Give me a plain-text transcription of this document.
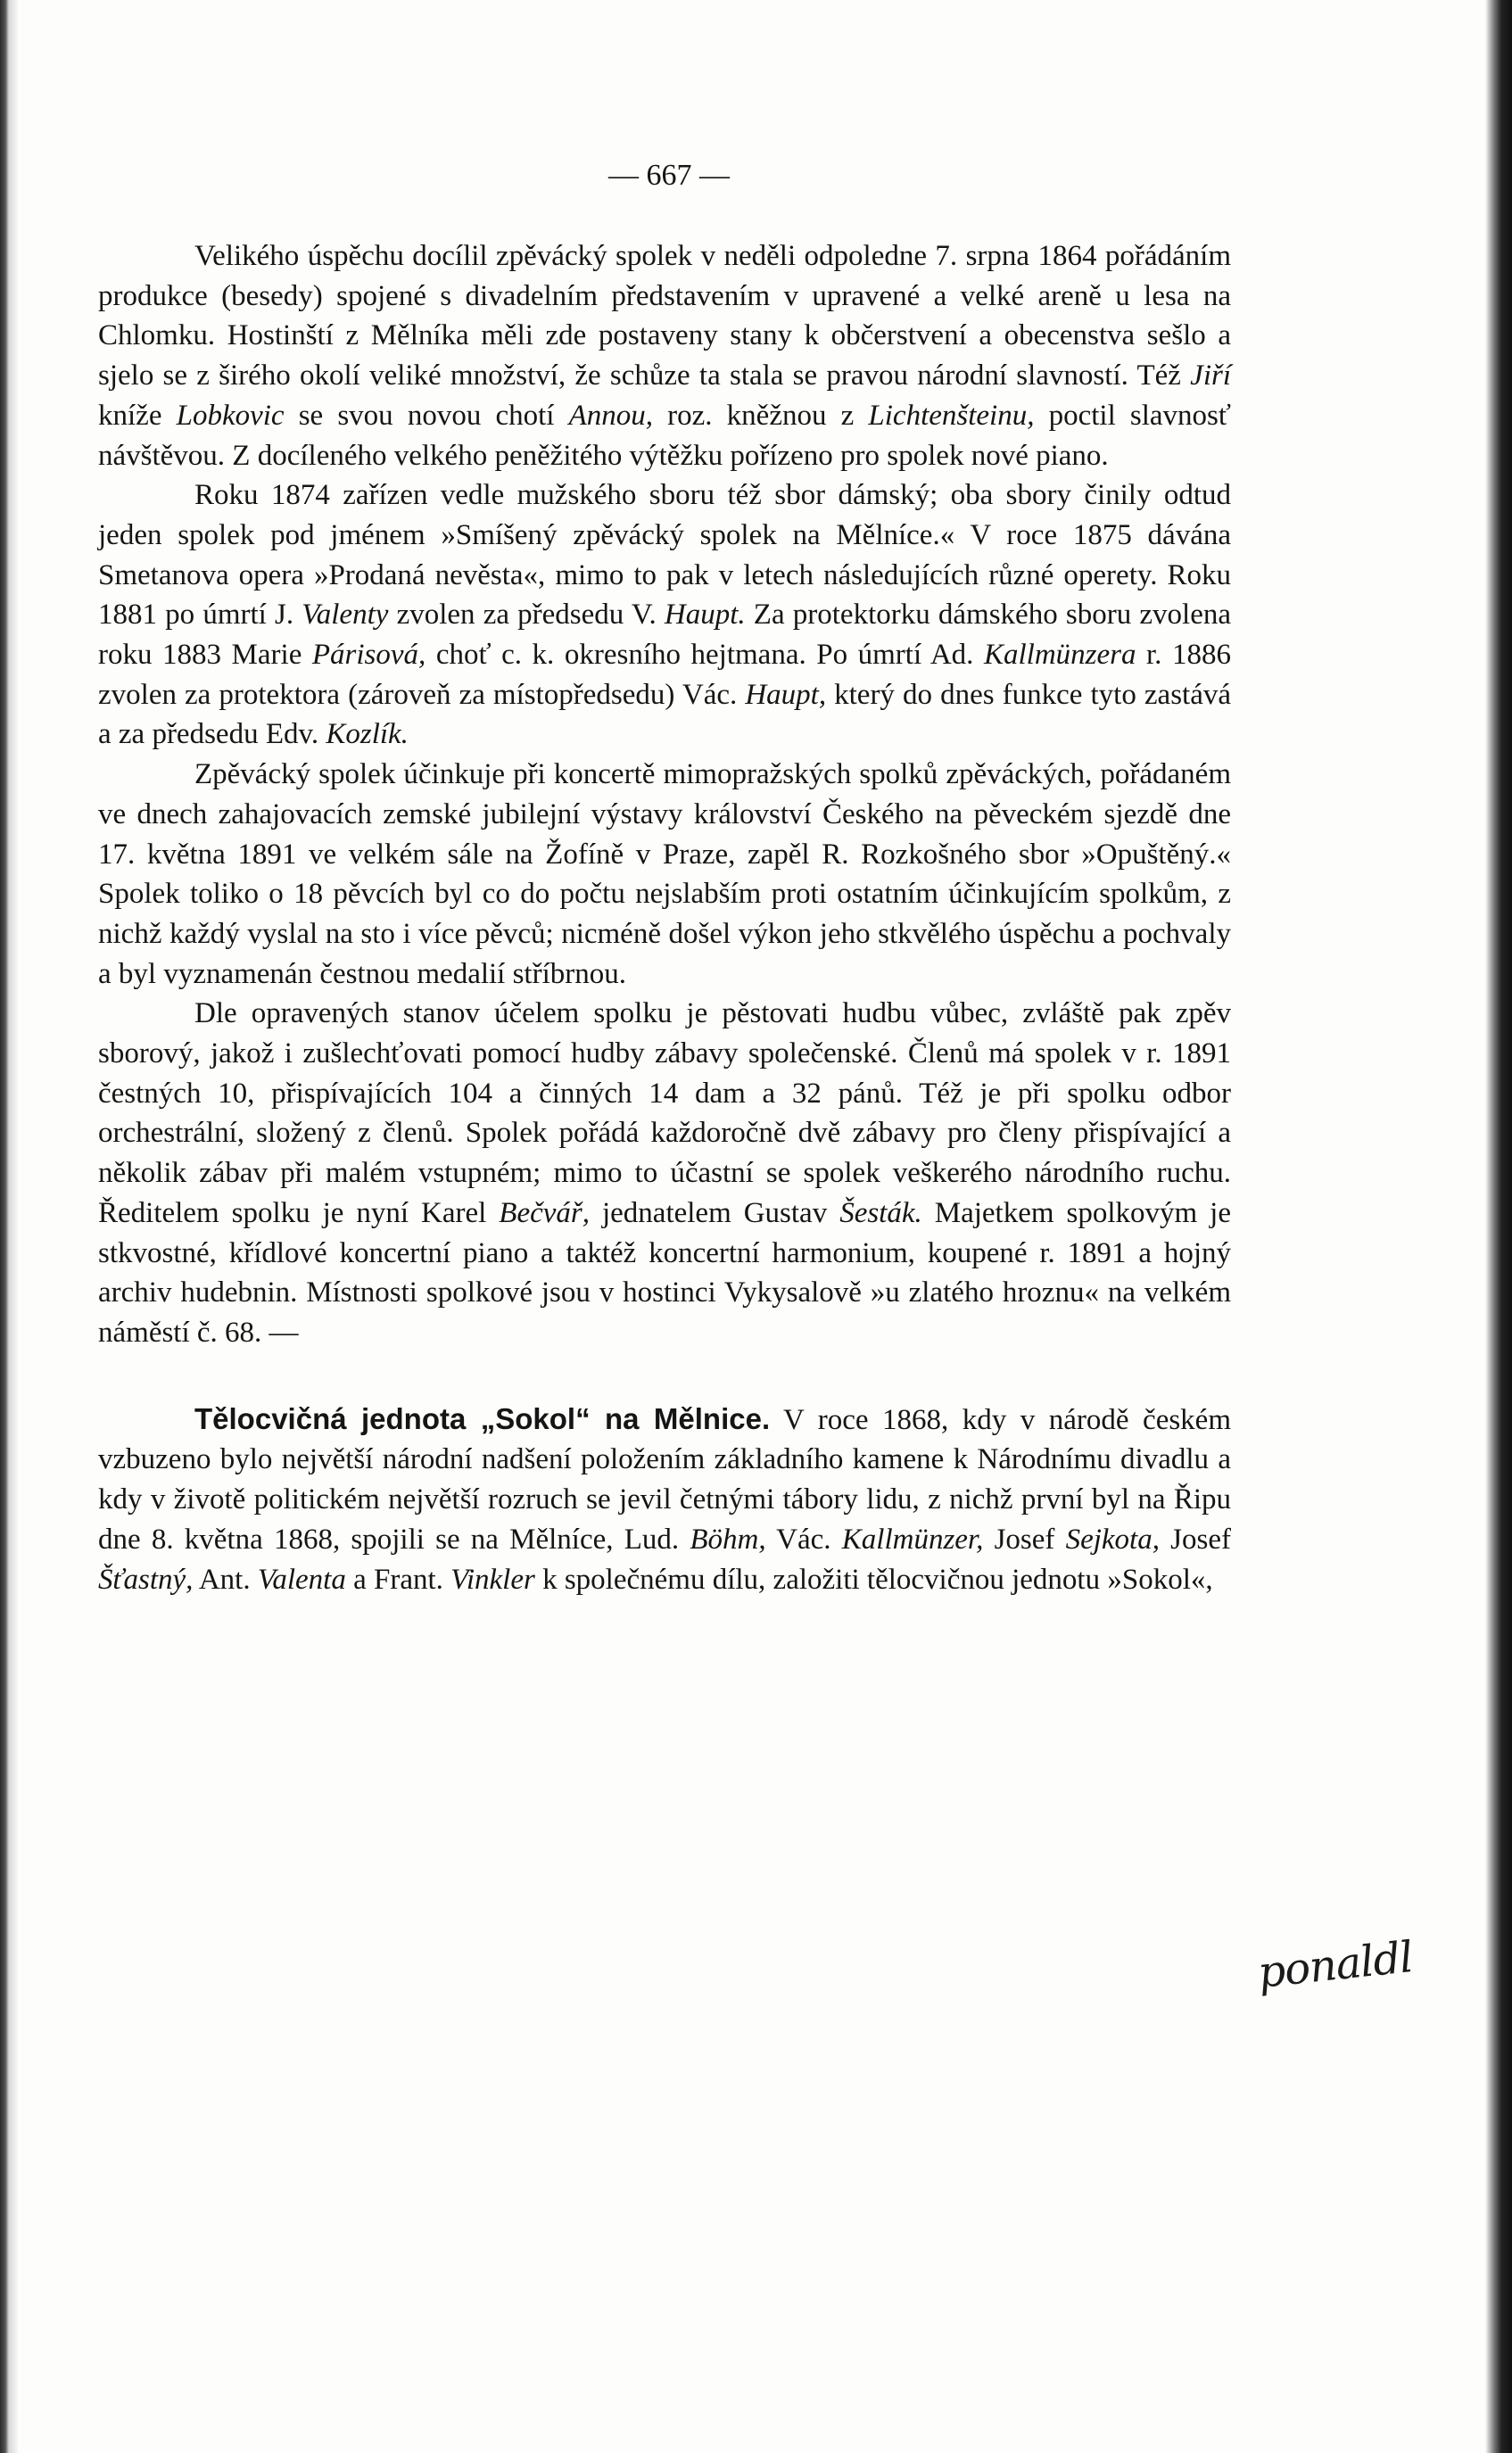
— 667 —

Velikého úspěchu docílil zpěvácký spolek v neděli odpoledne 7. srpna 1864 pořádáním produkce (besedy) spojené s divadelním představením v upravené a velké areně u lesa na Chlomku. Hostinští z Mělníka měli zde postaveny stany k občerstvení a obecenstva sešlo a sjelo se z širého okolí veliké množství, že schůze ta stala se pravou národní slavností. Též Jiří kníže Lobkovic se svou novou chotí Annou, roz. kněžnou z Lichtenšteinu, poctil slavnosť návštěvou. Z docíleného velkého peněžitého výtěžku pořízeno pro spolek nové piano.

Roku 1874 zařízen vedle mužského sboru též sbor dámský; oba sbory činily odtud jeden spolek pod jménem »Smíšený zpěvácký spolek na Mělníce.« V roce 1875 dávána Smetanova opera »Prodaná nevěsta«, mimo to pak v letech následujících různé operety. Roku 1881 po úmrtí J. Valenty zvolen za předsedu V. Haupt. Za protektorku dámského sboru zvolena roku 1883 Marie Párisová, choť c. k. okresního hejtmana. Po úmrtí Ad. Kallmünzera r. 1886 zvolen za protektora (zároveň za místopředsedu) Vác. Haupt, který do dnes funkce tyto zastává a za předsedu Edv. Kozlík.

Zpěvácký spolek účinkuje při koncertě mimopražských spolků zpěváckých, pořádaném ve dnech zahajovacích zemské jubilejní výstavy království Českého na pěveckém sjezdě dne 17. května 1891 ve velkém sále na Žofíně v Praze, zapěl R. Rozkošného sbor »Opuštěný.« Spolek toliko o 18 pěvcích byl co do počtu nejslabším proti ostatním účinkujícím spolkům, z nichž každý vyslal na sto i více pěvců; nicméně došel výkon jeho stkvělého úspěchu a pochvaly a byl vyznamenán čestnou medalií stříbrnou.

Dle opravených stanov účelem spolku je pěstovati hudbu vůbec, zvláště pak zpěv sborový, jakož i zušlechťovati pomocí hudby zábavy společenské. Členů má spolek v r. 1891 čestných 10, přispívajících 104 a činných 14 dam a 32 pánů. Též je při spolku odbor orchestrální, složený z členů. Spolek pořádá každoročně dvě zábavy pro členy přispívající a několik zábav při malém vstupném; mimo to účastní se spolek veškerého národního ruchu. Ředitelem spolku je nyní Karel Bečvář, jednatelem Gustav Šesták. Majetkem spolkovým je stkvostné, křídlové koncertní piano a taktéž koncertní harmonium, koupené r. 1891 a hojný archiv hudebnin. Místnosti spolkové jsou v hostinci Vykysalově »u zlatého hroznu« na velkém náměstí č. 68. —

Tělocvičná jednota „Sokol“ na Mělnice. V roce 1868, kdy v národě českém vzbuzeno bylo největší národní nadšení položením základního kamene k Národnímu divadlu a kdy v životě politickém největší rozruch se jevil četnými tábory lidu, z nichž první byl na Řipu dne 8. května 1868, spojili se na Mělníce, Lud. Böhm, Vác. Kallmünzer, Josef Sejkota, Josef Šťastný, Ant. Valenta a Frant. Vinkler k společnému dílu, založiti tělocvičnou jednotu »Sokol«,

ponaldl
